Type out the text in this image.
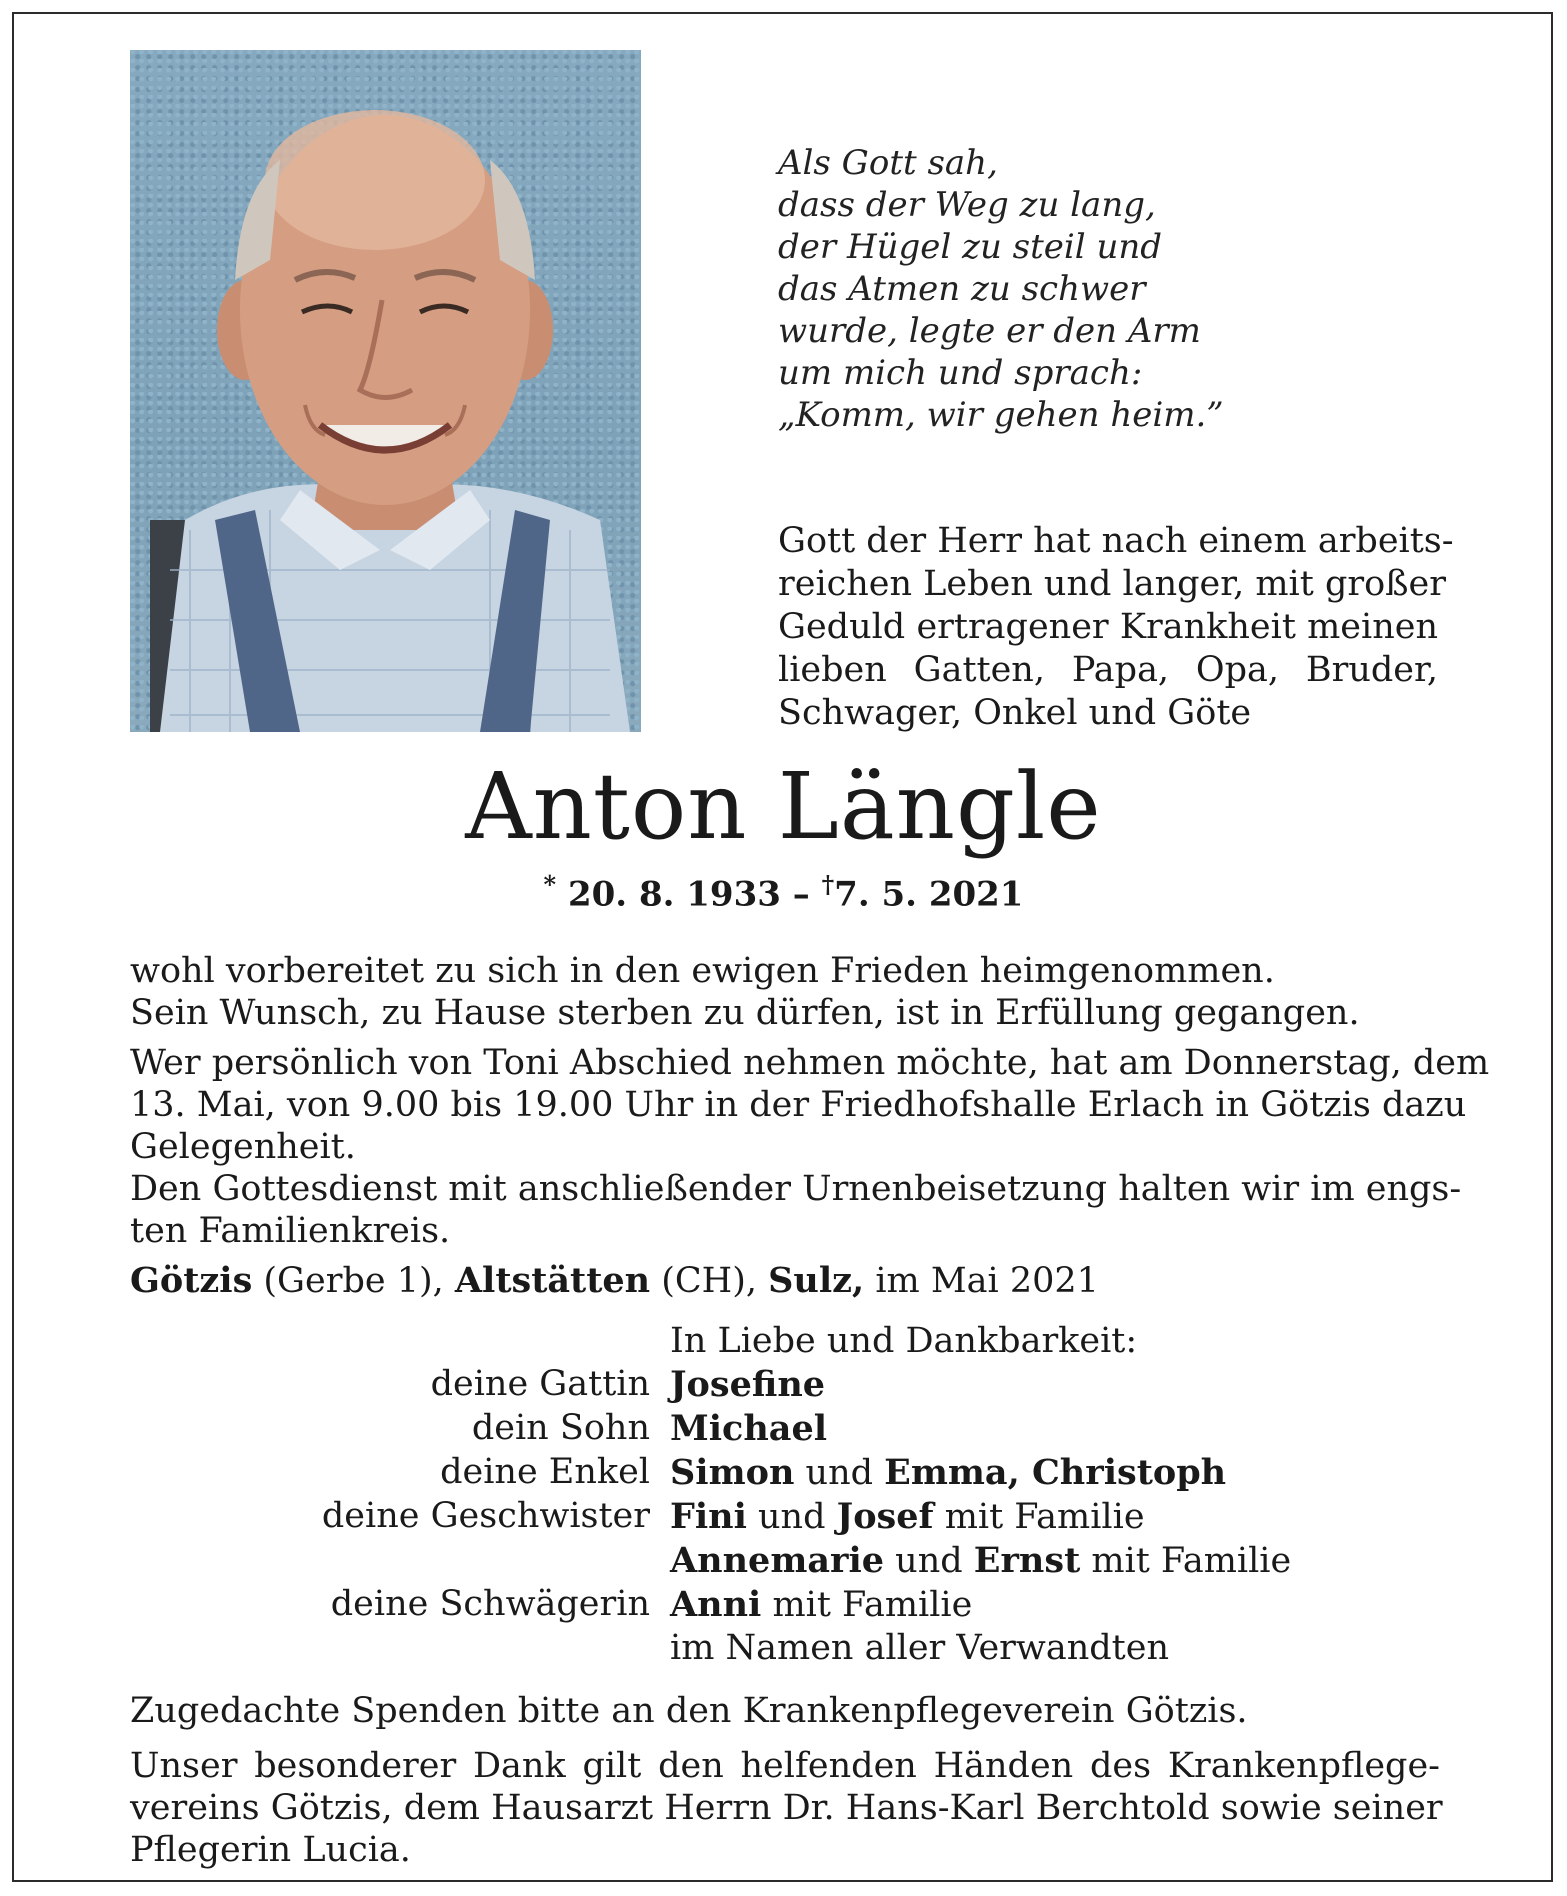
Als Gott sah,
dass der Weg zu lang,
der Hügel zu steil und
das Atmen zu schwer
wurde, legte er den Arm
um mich und sprach:
„Komm, wir gehen heim.”
Gott der Herr hat nach einem arbeits-
reichen Leben und langer, mit großer
Geduld ertragener Krankheit meinen
lieben Gatten, Papa, Opa, Bruder,
Schwager, Onkel und Göte
Anton Längle
* 20. 8. 1933 – †7. 5. 2021
wohl vorbereitet zu sich in den ewigen Frieden heimgenommen.
Sein Wunsch, zu Hause sterben zu dürfen, ist in Erfüllung gegangen.
Wer persönlich von Toni Abschied nehmen möchte, hat am Donnerstag, dem
13. Mai, von 9.00 bis 19.00 Uhr in der Friedhofshalle Erlach in Götzis dazu
Gelegenheit.
Den Gottesdienst mit anschließender Urnenbeisetzung halten wir im engs-
ten Familienkreis.
Götzis (Gerbe 1), Altstätten (CH), Sulz, im Mai 2021
In Liebe und Dankbarkeit:
deine Gattin Josefine
dein Sohn Michael
deine Enkel Simon und Emma, Christoph
deine Geschwister Fini und Josef mit Familie
Annemarie und Ernst mit Familie
deine Schwägerin Anni mit Familie
im Namen aller Verwandten
Zugedachte Spenden bitte an den Krankenpflegeverein Götzis.
Unser besonderer Dank gilt den helfenden Händen des Krankenpflege-
vereins Götzis, dem Hausarzt Herrn Dr. Hans-Karl Berchtold sowie seiner
Pflegerin Lucia.
